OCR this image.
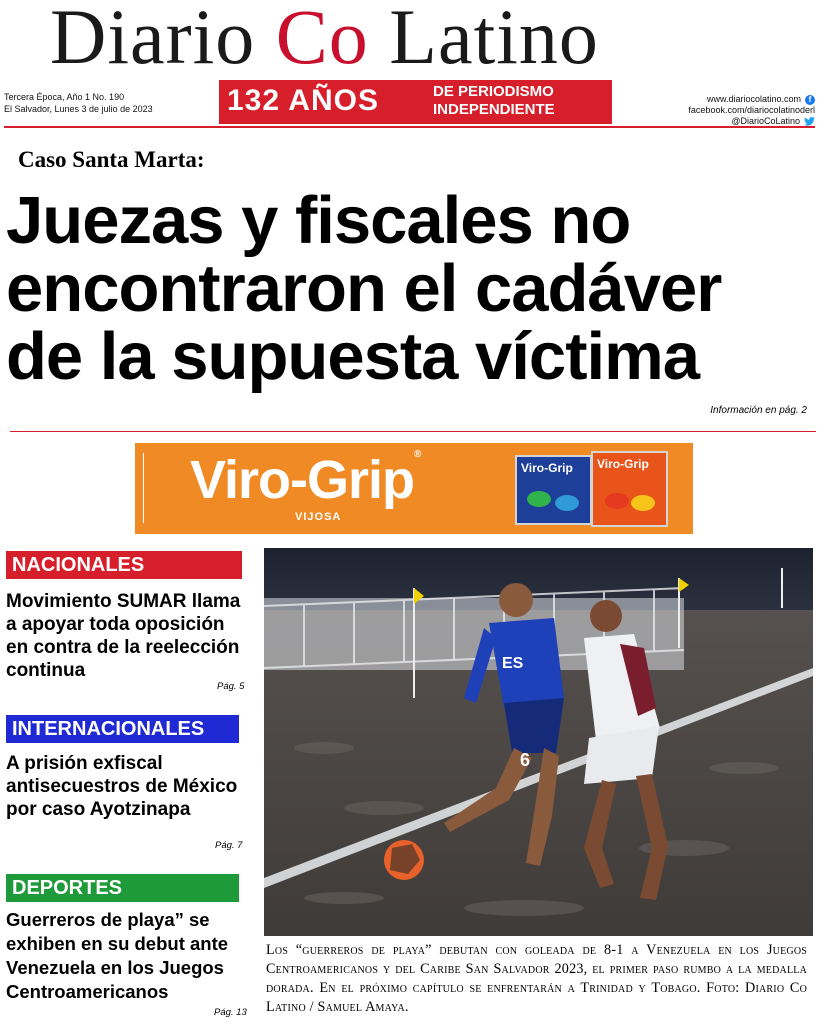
Diario Co Latino
Tercera Época, Año 1 No. 190
El Salvador, Lunes 3 de julio de 2023 132 AÑOS	DE PERIODISMO
INDEPENDIENTE
www.diariocolatino.com f
facebook.com/diariocolatinoderl
@DiarioCoLatino
Caso Santa Marta:
Juezas y fiscales no
encontraron el cadáver
de la supuesta víctima
Información en pág. 2
Viro-Grip®
VIJOSA
Viro-Grip Viro-Grip
NACIONALES
Movimiento SUMAR llama a apoyar toda oposición en contra de la reelección continua
Pág. 5
INTERNACIONALES
A prisión exfiscal antisecuestros de México por caso Ayotzinapa
Pág. 7
DEPORTES
Guerreros de playa” se exhiben en su debut ante Venezuela en los Juegos Centroamericanos
Pág. 13
6
ES
Los “guerreros de playa” debutan con goleada de 8-1 a Venezuela en los Juegos Centroamericanos y del Caribe San Salvador 2023, el primer paso rumbo a la medalla dorada. En el próximo capítulo se enfrentarán a Trinidad y Tobago. Foto: Diario Co Latino / Samuel Amaya.
